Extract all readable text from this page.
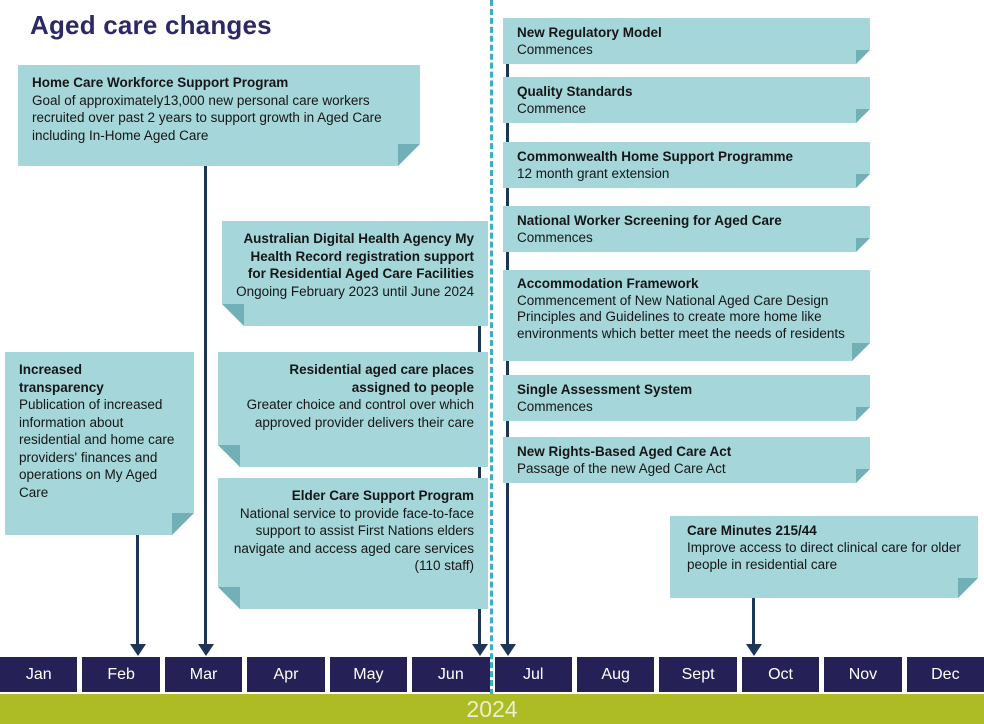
Aged care changes
Home Care Workforce Support Program
Goal of approximately13,000 new personal care workers recruited over past 2 years to support growth in Aged Care including In-Home Aged Care
Australian Digital Health Agency My Health Record registration support for Residential Aged Care Facilities Ongoing February 2023 until June 2024
Increased transparency
Publication of increased information about residential and home care providers' finances and operations on My Aged Care
Residential aged care places assigned to people
Greater choice and control over which approved provider delivers their care
Elder Care Support Program
National service to provide face-to-face support to assist First Nations elders navigate and access aged care services (110 staff)
New Regulatory Model
Commences
Quality Standards
Commence
Commonwealth Home Support Programme
12 month grant extension
National Worker Screening for Aged Care
Commences
Accommodation Framework
Commencement of New National Aged Care Design Principles and Guidelines to create more home like environments which better meet the needs of residents
Single Assessment System
Commences
New Rights-Based Aged Care Act
Passage of the new Aged Care Act
Care Minutes 215/44
Improve access to direct clinical care for older people in residential care
Jan	Feb	Mar	Apr	May	Jun	Jul	Aug	Sept	Oct	Nov	Dec
2024
